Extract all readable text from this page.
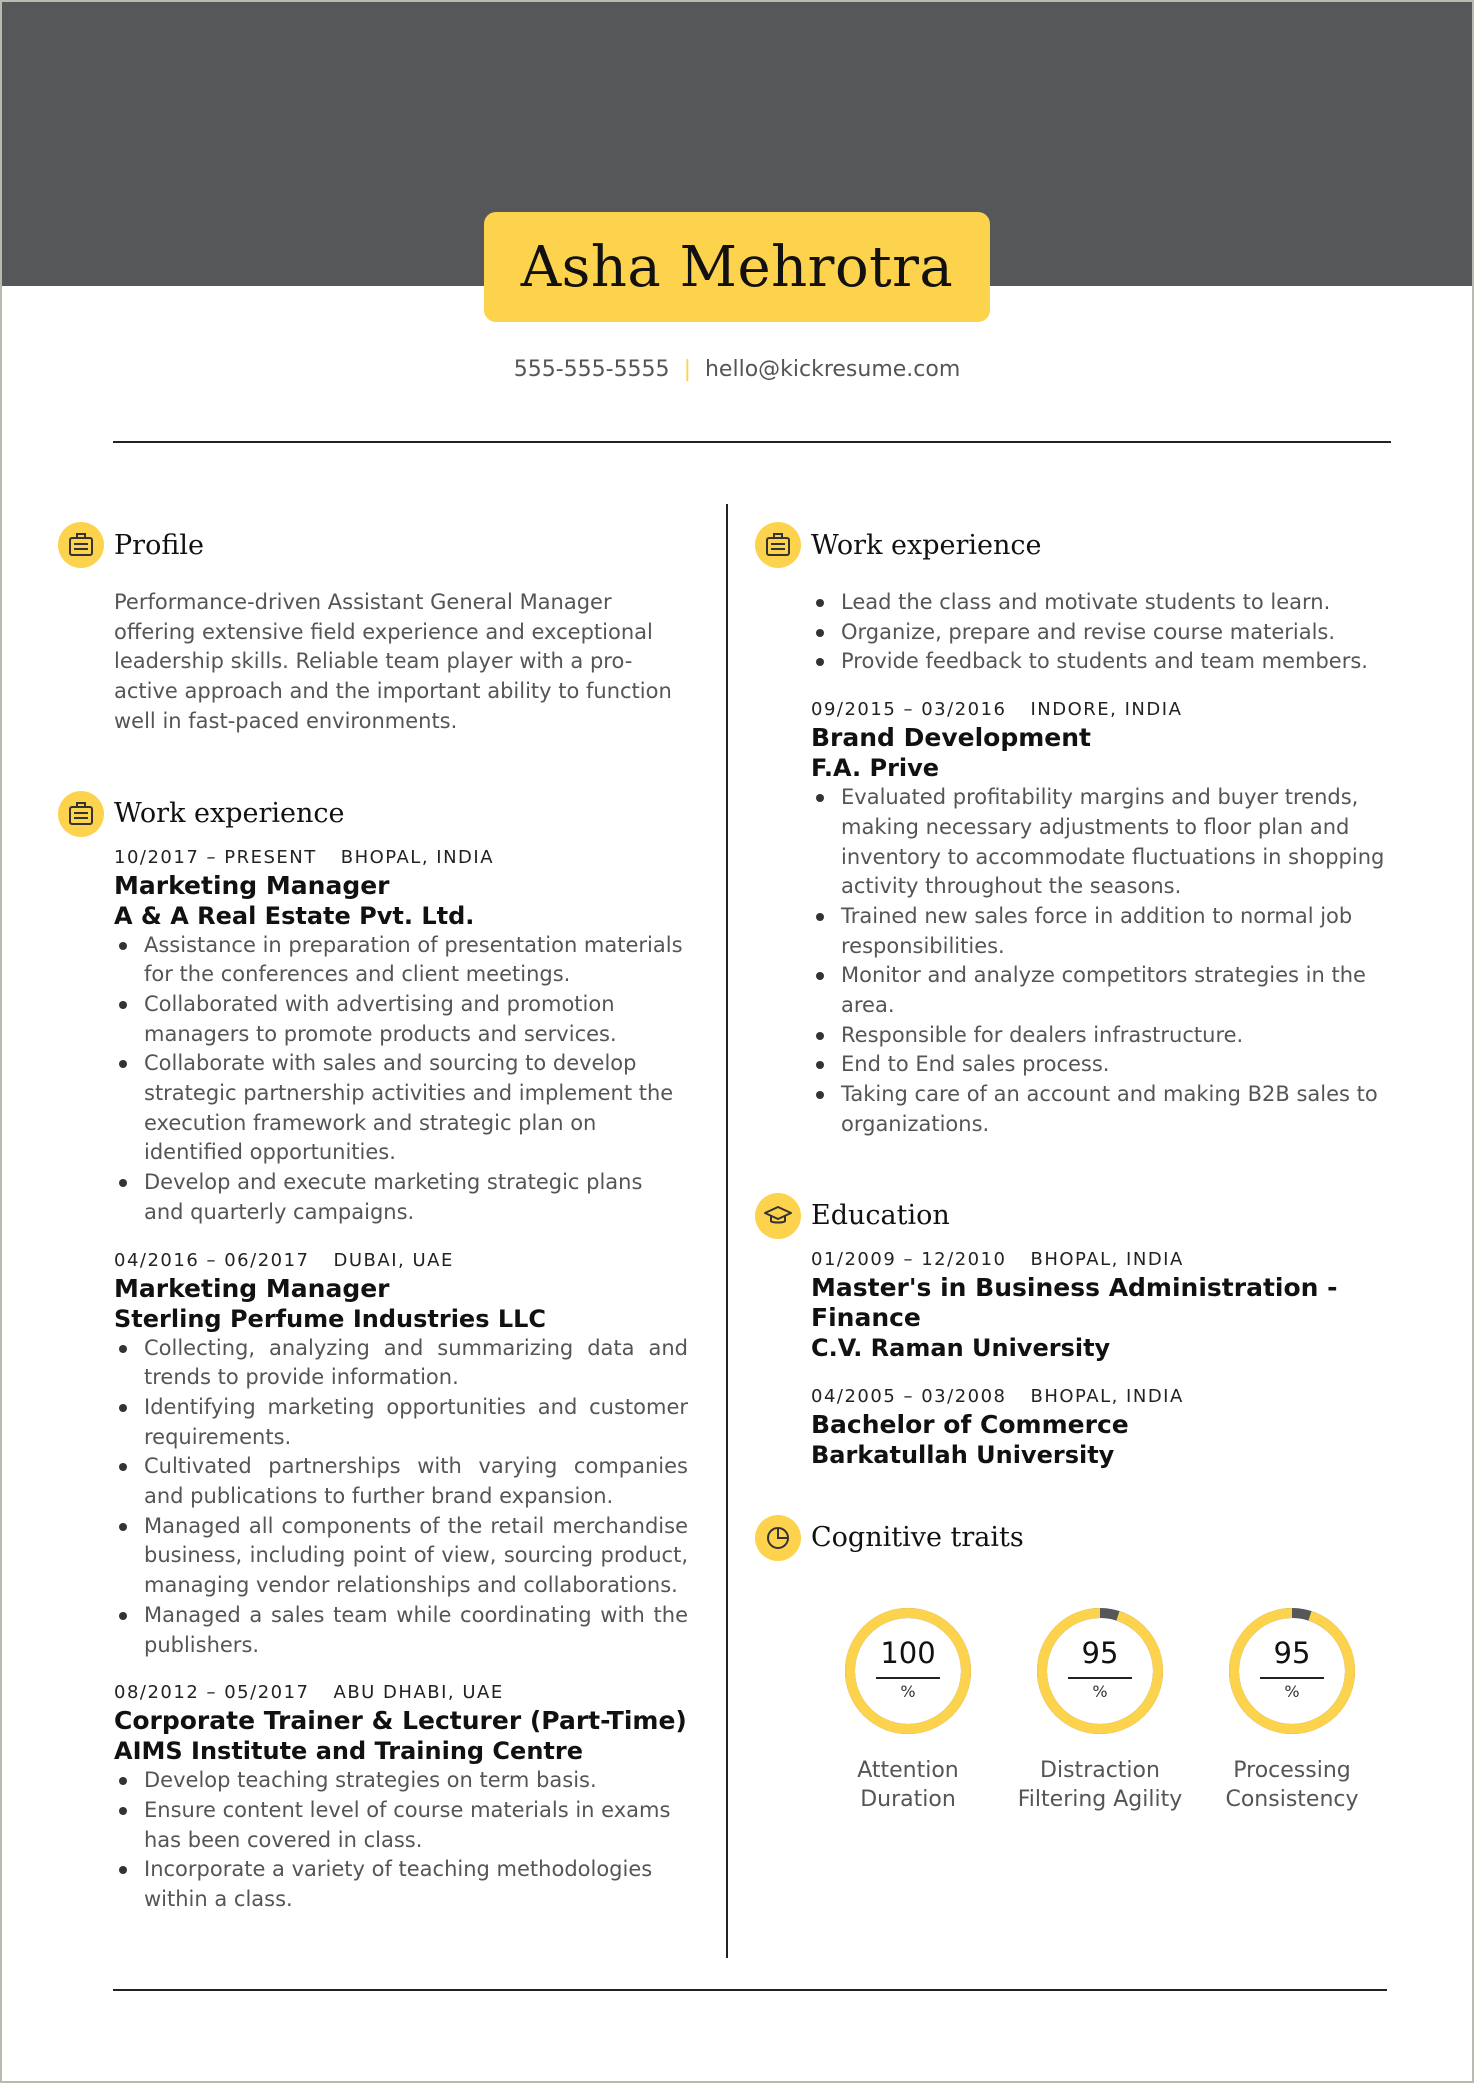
Asha Mehrotra
555-555-5555 | hello@kickresume.com
Profile
Performance-driven Assistant General Manager offering extensive field experience and exceptional leadership skills. Reliable team player with a pro-active approach and the important ability to function well in fast-paced environments.
Work experience
10/2017 – PRESENT BHOPAL, INDIA
Marketing Manager
A & A Real Estate Pvt. Ltd.
Assistance in preparation of presentation materials for the conferences and client meetings.
Collaborated with advertising and promotion managers to promote products and services.
Collaborate with sales and sourcing to develop strategic partnership activities and implement the execution framework and strategic plan on identified opportunities.
Develop and execute marketing strategic plans and quarterly campaigns.
04/2016 – 06/2017 DUBAI, UAE
Marketing Manager
Sterling Perfume Industries LLC
Collecting, analyzing and summarizing data and trends to provide information.
Identifying marketing opportunities and customer requirements.
Cultivated partnerships with varying companies and publications to further brand expansion.
Managed all components of the retail merchandise business, including point of view, sourcing product, managing vendor relationships and collaborations.
Managed a sales team while coordinating with the publishers.
08/2012 – 05/2017 ABU DHABI, UAE
Corporate Trainer & Lecturer (Part-Time)
AIMS Institute and Training Centre
Develop teaching strategies on term basis.
Ensure content level of course materials in exams has been covered in class.
Incorporate a variety of teaching methodologies within a class.
Work experience
Lead the class and motivate students to learn.
Organize, prepare and revise course materials.
Provide feedback to students and team members.
09/2015 – 03/2016 INDORE, INDIA
Brand Development
F.A. Prive
Evaluated profitability margins and buyer trends, making necessary adjustments to floor plan and inventory to accommodate fluctuations in shopping activity throughout the seasons.
Trained new sales force in addition to normal job responsibilities.
Monitor and analyze competitors strategies in the area.
Responsible for dealers infrastructure.
End to End sales process.
Taking care of an account and making B2B sales to organizations.
Education
01/2009 – 12/2010 BHOPAL, INDIA
Master's in Business Administration - Finance
C.V. Raman University
04/2005 – 03/2008 BHOPAL, INDIA
Bachelor of Commerce
Barkatullah University
Cognitive traits
100
%
Attention
Duration
95
%
Distraction
Filtering Agility
95
%
Processing
Consistency
